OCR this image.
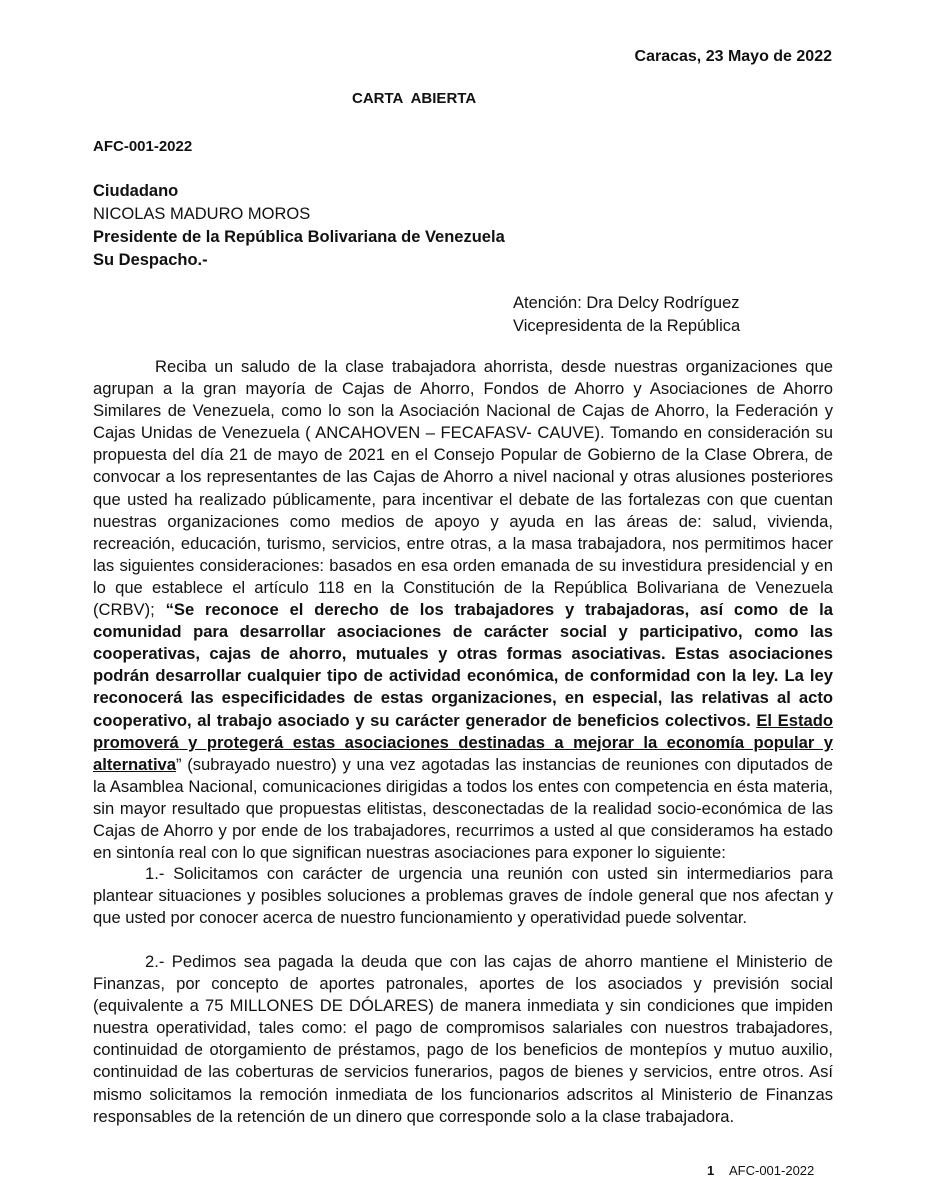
Caracas, 23 Mayo de 2022
CARTA  ABIERTA
AFC-001-2022
Ciudadano
NICOLAS MADURO MOROS
Presidente de la República Bolivariana de Venezuela
Su Despacho.-
Atención: Dra Delcy Rodríguez
Vicepresidenta de la República

Reciba un saludo de la clase trabajadora ahorrista, desde nuestras organizaciones que agrupan a la gran mayoría de Cajas de Ahorro, Fondos de Ahorro y Asociaciones de Ahorro Similares de Venezuela, como lo son la Asociación Nacional de Cajas de Ahorro, la Federación y Cajas Unidas de Venezuela ( ANCAHOVEN – FECAFASV- CAUVE). Tomando en consideración su propuesta del día 21 de mayo de 2021 en el Consejo Popular de Gobierno de la Clase Obrera, de convocar a los representantes de las Cajas de Ahorro a nivel nacional y otras alusiones posteriores que usted ha realizado públicamente, para incentivar el debate de las fortalezas con que cuentan nuestras organizaciones como medios de apoyo y ayuda en las áreas de: salud, vivienda, recreación, educación, turismo, servicios, entre otras, a la masa trabajadora, nos permitimos hacer las siguientes consideraciones: basados en esa orden emanada de su investidura presidencial y en lo que establece el artículo 118 en la Constitución de la República Bolivariana de Venezuela (CRBV); “Se reconoce el derecho de los trabajadores y trabajadoras, así como de la comunidad para desarrollar asociaciones de carácter social y participativo, como las cooperativas, cajas de ahorro, mutuales y otras formas asociativas. Estas asociaciones podrán desarrollar cualquier tipo de actividad económica, de conformidad con la ley. La ley reconocerá las especificidades de estas organizaciones, en especial, las relativas al acto cooperativo, al trabajo asociado y su carácter generador de beneficios colectivos. El Estado promoverá y protegerá estas asociaciones destinadas a mejorar la economía popular y alternativa” (subrayado nuestro) y una vez agotadas las instancias de reuniones con diputados de la Asamblea Nacional, comunicaciones dirigidas a todos los entes con competencia en ésta materia, sin mayor resultado que propuestas elitistas, desconectadas de la realidad socio-económica de las Cajas de Ahorro y por ende de los trabajadores, recurrimos a usted al que consideramos ha estado en sintonía real con lo que significan nuestras asociaciones para exponer lo siguiente:

1.- Solicitamos con carácter de urgencia una reunión con usted sin intermediarios para plantear situaciones y posibles soluciones a problemas graves de índole general que nos afectan y que usted por conocer acerca de nuestro funcionamiento y operatividad puede solventar.

2.- Pedimos sea pagada la deuda que con las cajas de ahorro mantiene el Ministerio de Finanzas, por concepto de aportes patronales, aportes de los asociados y previsión social (equivalente a 75 MILLONES DE DÓLARES) de manera inmediata y sin condiciones que impiden nuestra operatividad, tales como: el pago de compromisos salariales con nuestros trabajadores, continuidad de otorgamiento de préstamos, pago de los beneficios de montepíos y mutuo auxilio, continuidad de las coberturas de servicios funerarios, pagos de bienes y servicios, entre otros. Así mismo solicitamos la remoción inmediata de los funcionarios adscritos al Ministerio de Finanzas responsables de la retención de un dinero que corresponde solo a la clase trabajadora.

1 AFC-001-2022
